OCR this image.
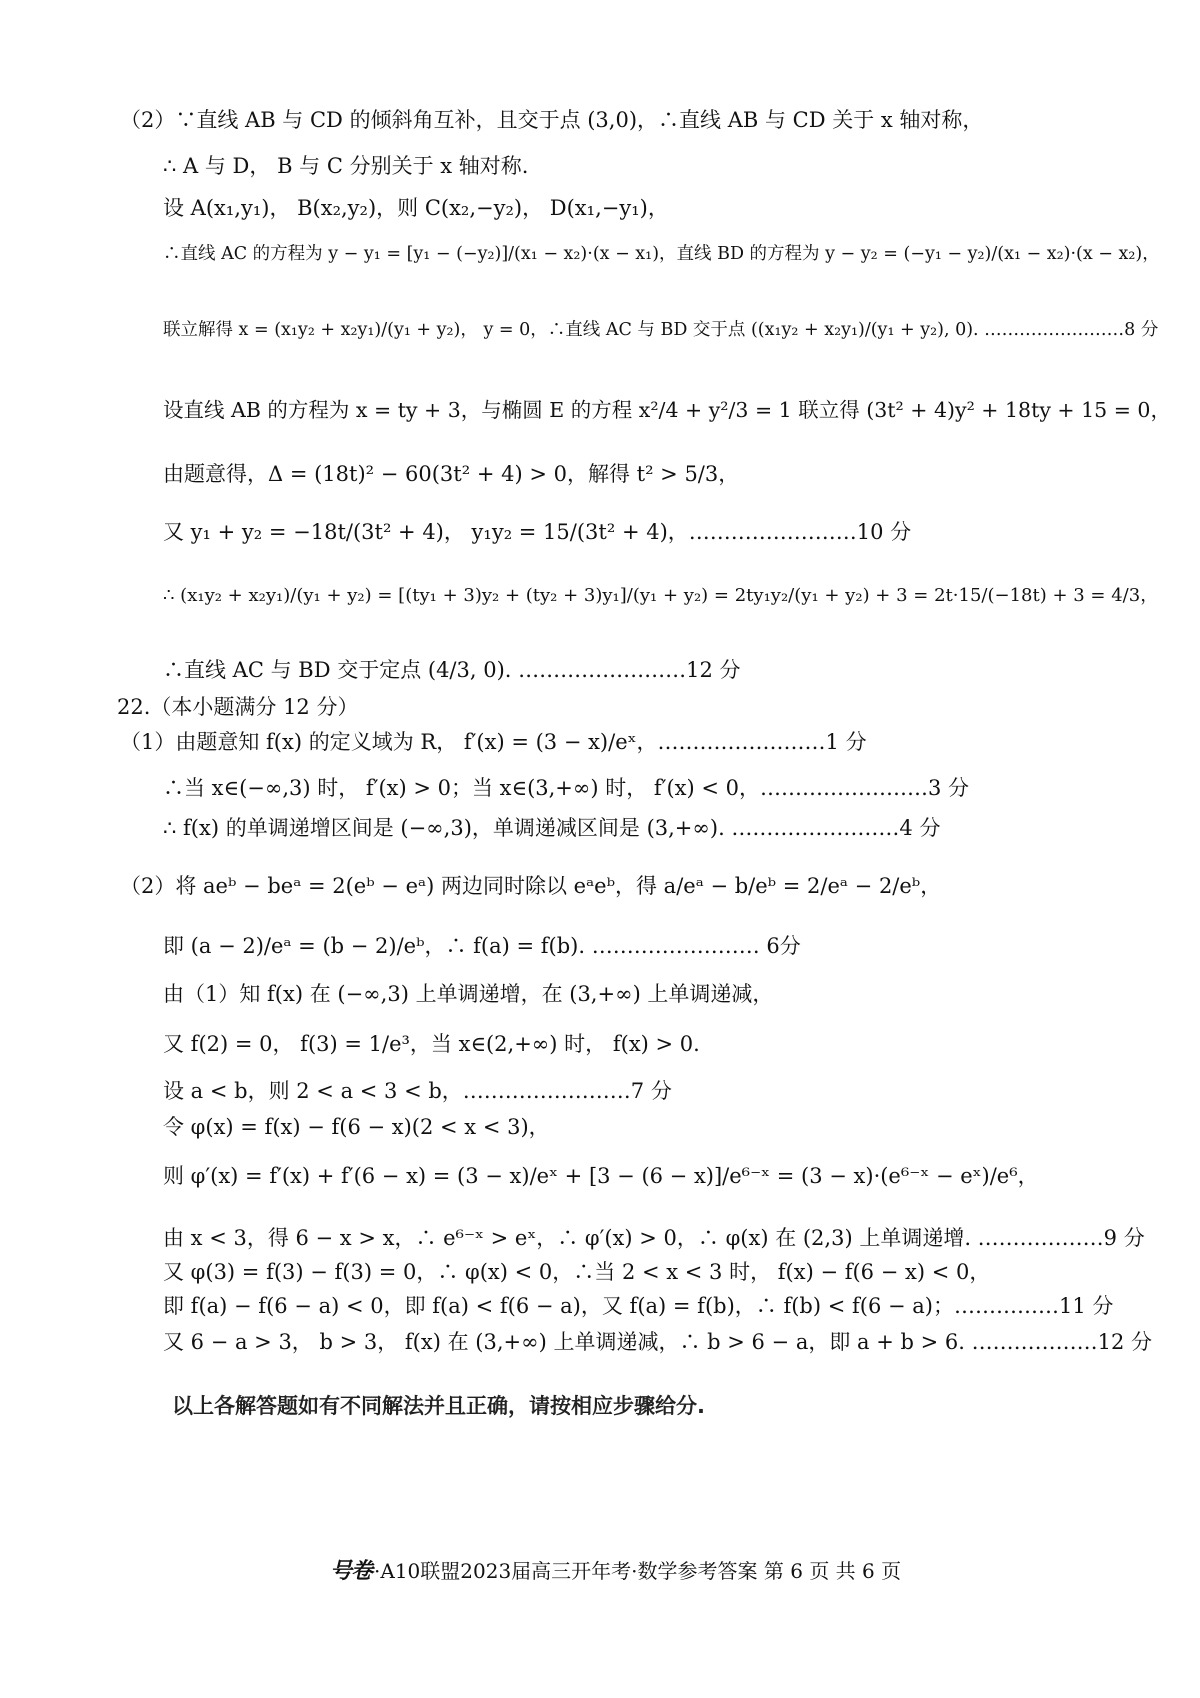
（2）∵直线 AB 与 CD 的倾斜角互补，且交于点 (3,0)，∴直线 AB 与 CD 关于 x 轴对称，
∴ A 与 D， B 与 C 分别关于 x 轴对称.
设 A(x₁,y₁)， B(x₂,y₂)，则 C(x₂,−y₂)， D(x₁,−y₁)，
∴直线 AC 的方程为 y − y₁ = [y₁ − (−y₂)]/(x₁ − x₂)·(x − x₁)，直线 BD 的方程为 y − y₂ = (−y₁ − y₂)/(x₁ − x₂)·(x − x₂)，
联立解得 x = (x₁y₂ + x₂y₁)/(y₁ + y₂)， y = 0，∴直线 AC 与 BD 交于点 ((x₁y₂ + x₂y₁)/(y₁ + y₂), 0). ……………………8 分
设直线 AB 的方程为 x = ty + 3，与椭圆 E 的方程 x²/4 + y²/3 = 1 联立得 (3t² + 4)y² + 18ty + 15 = 0，
由题意得，Δ = (18t)² − 60(3t² + 4) > 0，解得 t² > 5/3，
又 y₁ + y₂ = −18t/(3t² + 4)， y₁y₂ = 15/(3t² + 4)，……………………10 分
∴ (x₁y₂ + x₂y₁)/(y₁ + y₂) = [(ty₁ + 3)y₂ + (ty₂ + 3)y₁]/(y₁ + y₂) = 2ty₁y₂/(y₁ + y₂) + 3 = 2t·15/(−18t) + 3 = 4/3，
∴直线 AC 与 BD 交于定点 (4/3, 0). ……………………12 分
22.（本小题满分 12 分）
（1）由题意知 f(x) 的定义域为 R， f′(x) = (3 − x)/eˣ，……………………1 分
∴当 x∈(−∞,3) 时， f′(x) > 0；当 x∈(3,+∞) 时， f′(x) < 0，……………………3 分
∴ f(x) 的单调递增区间是 (−∞,3)，单调递减区间是 (3,+∞). ……………………4 分
（2）将 aeᵇ − beᵃ = 2(eᵇ − eᵃ) 两边同时除以 eᵃeᵇ，得 a/eᵃ − b/eᵇ = 2/eᵃ − 2/eᵇ，
即 (a − 2)/eᵃ = (b − 2)/eᵇ，∴ f(a) = f(b). …………………… 6分
由（1）知 f(x) 在 (−∞,3) 上单调递增，在 (3,+∞) 上单调递减，
又 f(2) = 0， f(3) = 1/e³，当 x∈(2,+∞) 时， f(x) > 0.
设 a < b，则 2 < a < 3 < b，……………………7 分
令 φ(x) = f(x) − f(6 − x)(2 < x < 3)，
则 φ′(x) = f′(x) + f′(6 − x) = (3 − x)/eˣ + [3 − (6 − x)]/e⁶⁻ˣ = (3 − x)·(e⁶⁻ˣ − eˣ)/e⁶，
由 x < 3，得 6 − x > x，∴ e⁶⁻ˣ > eˣ，∴ φ′(x) > 0，∴ φ(x) 在 (2,3) 上单调递增. ………………9 分
又 φ(3) = f(3) − f(3) = 0，∴ φ(x) < 0，∴当 2 < x < 3 时， f(x) − f(6 − x) < 0，
即 f(a) − f(6 − a) < 0，即 f(a) < f(6 − a)，又 f(a) = f(b)，∴ f(b) < f(6 − a)；……………11 分
又 6 − a > 3， b > 3， f(x) 在 (3,+∞) 上单调递减，∴ b > 6 − a，即 a + b > 6. ………………12 分
以上各解答题如有不同解法并且正确，请按相应步骤给分.
号卷 ·A10联盟2023届高三开年考·数学参考答案 第 6 页 共 6 页
